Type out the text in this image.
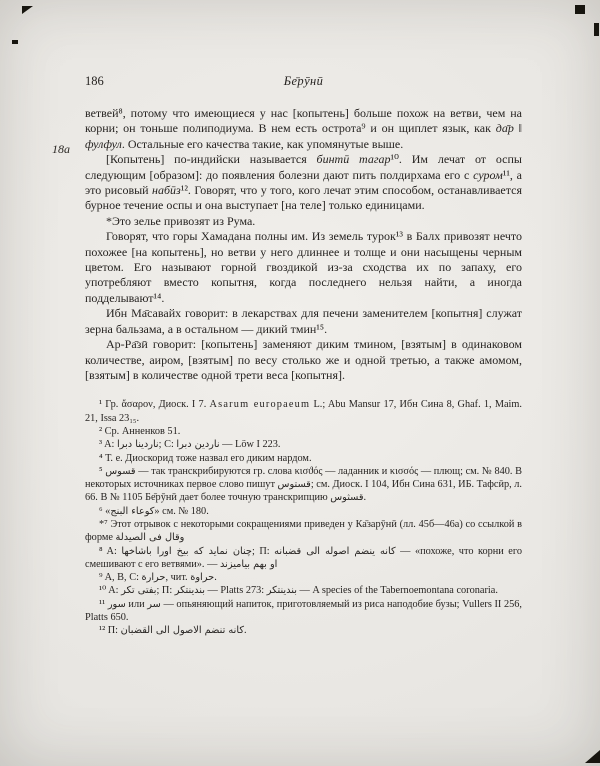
18а
186	Бе̄рӯнӣ

ветвей⁸, потому что имеющиеся у нас [копытень] больше похож на ветви, чем на корни; он тоньше полиподиума. В нем есть острота⁹ и он щиплет язык, как да̄р ‖ фулфул. Остальные его качества такие, как упомянутые выше.

[Копытень] по-индийски называется бинтӣ тагар¹⁰. Им лечат от оспы следующим [образом]: до появления болезни дают пить полдирхама его с суром¹¹, а это рисовый набӣз¹². Говорят, что у того, кого лечат этим способом, останавливается бурное течение оспы и она выступает [на теле] только единицами.

*Это зелье привозят из Рума.

Говорят, что горы Хамадана полны им. Из земель турок¹³ в Балх привозят нечто похожее [на копытень], но ветви у него длиннее и толще и они насыщены черным цветом. Его называют горной гвоздикой из-за сходства их по запаху, его употребляют вместо копытня, когда последнего нельзя найти, а иногда подделывают¹⁴.

Ибн Ма̄савайх говорит: в лекарствах для печени заменителем [копытня] служат зерна бальзама, а в остальном — дикий тмин¹⁵.

Ар-Ра̄зӣ говорит: [копытень] заменяют диким тмином, [взятым] в одинаковом количестве, аиром, [взятым] по весу столько же и одной третью, а также амомом, [взятым] в количестве одной трети веса [копытня].

¹ Гр. ἄσαρον, Диоск. I 7. Asarum europaeum L.; Abu Mansur 17, Ибн Сина 8, Ghaf. 1, Maim. 21, Issa 23₁₅.

² Ср. Анненков 51.

³ A: ناردينا دبرا; C: ناردين دبرا — Löw I 223.

⁴ Т. е. Диоскорид тоже назвал его диким нардом.

⁵ قسوس — так транскрибируются гр. слова κισϑός — ладанник и κισσός — плющ; см. № 840. В некоторых источниках первое слово пишут قستوس; см. Диоск. I 104, Ибн Сина 631, ИБ. Тафсӣр, л. 66. В № 1105 Бе̄рӯнӣ дает более точную транскрипцию قسثوس.

⁶ «كوعاء البنج» см. № 180.

*⁷ Этот отрывок с некоторыми сокращениями приведен у Ка̄зарӯнӣ (лл. 45б—46а) со ссылкой в форме وقال فى الصيدلة

⁸ A: چنان نمايد كه بيخ اورا باشاخها; П: كانه ينضم اصوله الى قضبانه — «похоже, что корни его смешивают с его ветвями». — او بهم بياميزند

⁹ A, B, C: حرارة, чит. حراوة.

¹⁰ A: بفتى تكر; П: بندينتكر — Platts 273: بندينتكر — A species of the Tabernoemontana coronaria.

¹¹ سور или سر — опьяняющий напиток, приготовляемый из риса наподобие бузы; Vullers II 256, Platts 650.

¹² П: كانه تنضم الاصول الى القضبان.
